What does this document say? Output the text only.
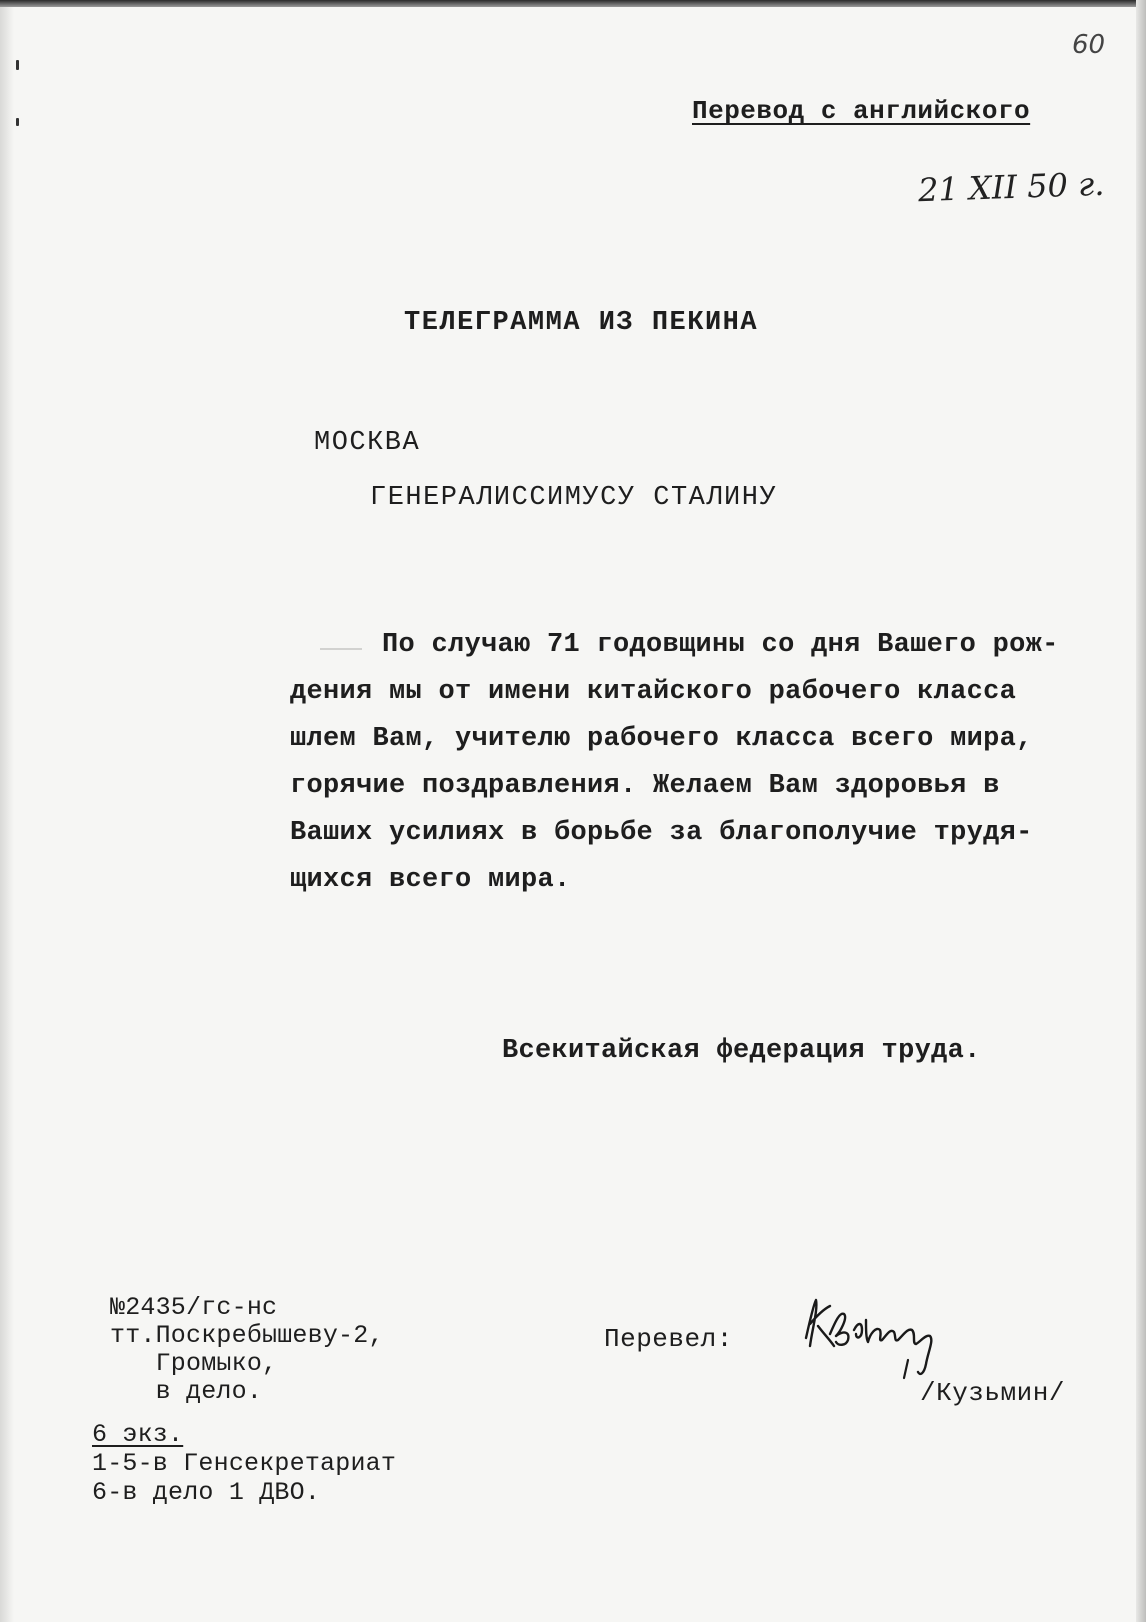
60
Перевод с английского
21 XII 50 г.
ТЕЛЕГРАММА ИЗ ПЕКИНА
МОСКВА
ГЕНЕРАЛИССИМУСУ СТАЛИНУ
По случаю 71 годовщины со дня Вашего рож-
дения мы от имени китайского рабочего класса
шлем Вам, учителю рабочего класса всего мира,
горячие поздравления. Желаем Вам здоровья в
Ваших усилиях в борьбе за благополучие трудя-
щихся всего мира.
Всекитайская федерация труда.
№2435/гс-нс
тт.Поскребышеву-2,
Громыко,
в дело.
6 экз.
1-5-в Генсекретариат
6-в дело 1 ДВО.
Перевел:
/Кузьмин/
